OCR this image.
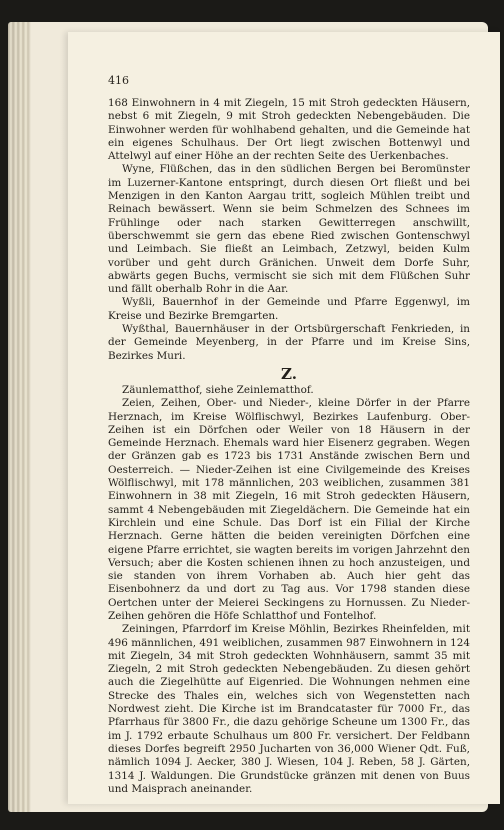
416

168 Einwohnern in 4 mit Ziegeln, 15 mit Stroh gedeckten Häusern, nebst 6 mit Ziegeln, 9 mit Stroh gedeckten Nebengebäuden. Die Einwohner werden für wohlhabend gehalten, und die Gemeinde hat ein eigenes Schulhaus. Der Ort liegt zwischen Bottenwyl und Attelwyl auf einer Höhe an der rechten Seite des Uerkenbaches.

Wyne, Flüßchen, das in den südlichen Bergen bei Beromünster im Luzerner-Kantone entspringt, durch diesen Ort fließt und bei Menzigen in den Kanton Aargau tritt, sogleich Mühlen treibt und Reinach bewässert. Wenn sie beim Schmelzen des Schnees im Frühlinge oder nach starken Gewitterregen anschwillt, überschwemmt sie gern das ebene Ried zwischen Gontenschwyl und Leimbach. Sie fließt an Leimbach, Zetzwyl, beiden Kulm vorüber und geht durch Gränichen. Unweit dem Dorfe Suhr, abwärts gegen Buchs, vermischt sie sich mit dem Flüßchen Suhr und fällt oberhalb Rohr in die Aar.

Wyßli, Bauernhof in der Gemeinde und Pfarre Eggenwyl, im Kreise und Bezirke Bremgarten.

Wyßthal, Bauernhäuser in der Ortsbürgerschaft Fenkrieden, in der Gemeinde Meyenberg, in der Pfarre und im Kreise Sins, Bezirkes Muri.

Z.

Zäunlematthof, siehe Zeinlematthof.

Zeien, Zeihen, Ober- und Nieder-, kleine Dörfer in der Pfarre Herznach, im Kreise Wölflischwyl, Bezirkes Laufenburg. Ober-Zeihen ist ein Dörfchen oder Weiler von 18 Häusern in der Gemeinde Herznach. Ehemals ward hier Eisenerz gegraben. Wegen der Gränzen gab es 1723 bis 1731 Anstände zwischen Bern und Oesterreich. — Nieder-Zeihen ist eine Civilgemeinde des Kreises Wölflischwyl, mit 178 männlichen, 203 weiblichen, zusammen 381 Einwohnern in 38 mit Ziegeln, 16 mit Stroh gedeckten Häusern, sammt 4 Nebengebäuden mit Ziegeldächern. Die Gemeinde hat ein Kirchlein und eine Schule. Das Dorf ist ein Filial der Kirche Herznach. Gerne hätten die beiden vereinigten Dörfchen eine eigene Pfarre errichtet, sie wagten bereits im vorigen Jahrzehnt den Versuch; aber die Kosten schienen ihnen zu hoch anzusteigen, und sie standen von ihrem Vorhaben ab. Auch hier geht das Eisenbohnerz da und dort zu Tag aus. Vor 1798 standen diese Oertchen unter der Meierei Seckingens zu Hornussen. Zu Nieder-Zeihen gehören die Höfe Schlatthof und Fontelhof.

Zeiningen, Pfarrdorf im Kreise Möhlin, Bezirkes Rheinfelden, mit 496 männlichen, 491 weiblichen, zusammen 987 Einwohnern in 124 mit Ziegeln, 34 mit Stroh gedeckten Wohnhäusern, sammt 35 mit Ziegeln, 2 mit Stroh gedeckten Nebengebäuden. Zu diesen gehört auch die Ziegelhütte auf Eigenried. Die Wohnungen nehmen eine Strecke des Thales ein, welches sich von Wegenstetten nach Nordwest zieht. Die Kirche ist im Brandcataster für 7000 Fr., das Pfarrhaus für 3800 Fr., die dazu gehörige Scheune um 1300 Fr., das im J. 1792 erbaute Schulhaus um 800 Fr. versichert. Der Feldbann dieses Dorfes begreift 2950 Jucharten von 36,000 Wiener Qdt. Fuß, nämlich 1094 J. Aecker, 380 J. Wiesen, 104 J. Reben, 58 J. Gärten, 1314 J. Waldungen. Die Grundstücke gränzen mit denen von Buus und Maisprach aneinander.
